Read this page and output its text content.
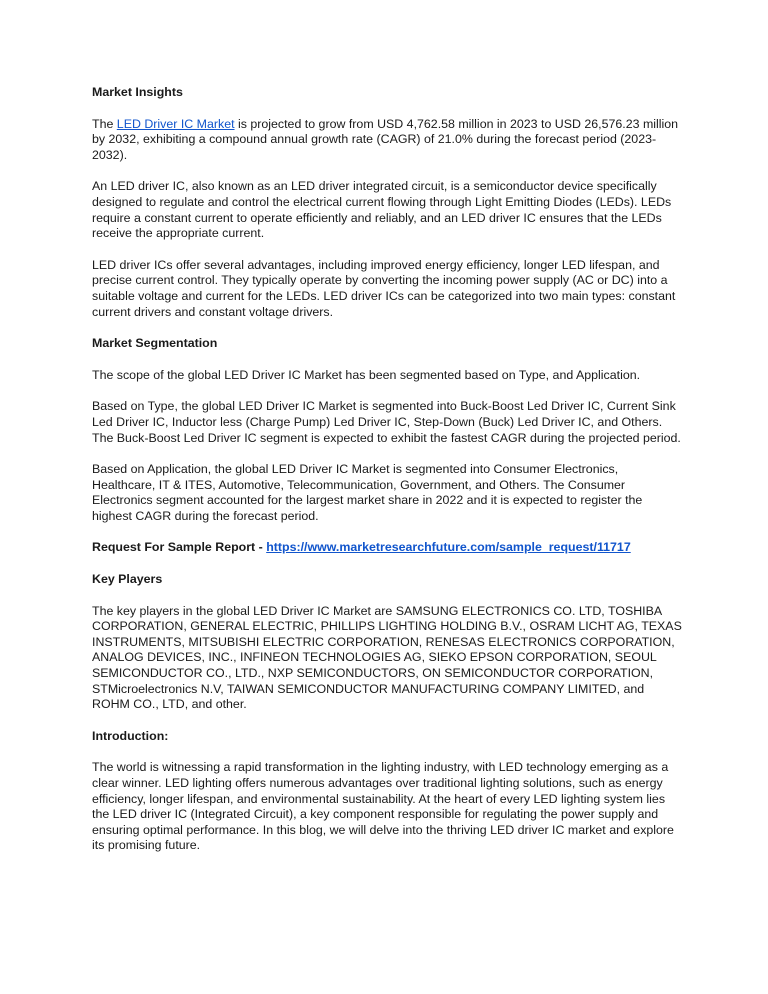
Market Insights
The LED Driver IC Market is projected to grow from USD 4,762.58 million in 2023 to USD 26,576.23 million by 2032, exhibiting a compound annual growth rate (CAGR) of 21.0% during the forecast period (2023-2032).
An LED driver IC, also known as an LED driver integrated circuit, is a semiconductor device specifically designed to regulate and control the electrical current flowing through Light Emitting Diodes (LEDs). LEDs require a constant current to operate efficiently and reliably, and an LED driver IC ensures that the LEDs receive the appropriate current.
LED driver ICs offer several advantages, including improved energy efficiency, longer LED lifespan, and precise current control. They typically operate by converting the incoming power supply (AC or DC) into a suitable voltage and current for the LEDs. LED driver ICs can be categorized into two main types: constant current drivers and constant voltage drivers.
Market Segmentation
The scope of the global LED Driver IC Market has been segmented based on Type, and Application.
Based on Type, the global LED Driver IC Market is segmented into Buck-Boost Led Driver IC, Current Sink Led Driver IC, Inductor less (Charge Pump) Led Driver IC, Step-Down (Buck) Led Driver IC, and Others. The Buck-Boost Led Driver IC segment is expected to exhibit the fastest CAGR during the projected period.
Based on Application, the global LED Driver IC Market is segmented into Consumer Electronics, Healthcare, IT & ITES, Automotive, Telecommunication, Government, and Others. The Consumer Electronics segment accounted for the largest market share in 2022 and it is expected to register the highest CAGR during the forecast period.
Request For Sample Report - https://www.marketresearchfuture.com/sample_request/11717
Key Players
The key players in the global LED Driver IC Market are SAMSUNG ELECTRONICS CO. LTD, TOSHIBA CORPORATION, GENERAL ELECTRIC, PHILLIPS LIGHTING HOLDING B.V., OSRAM LICHT AG, TEXAS INSTRUMENTS, MITSUBISHI ELECTRIC CORPORATION, RENESAS ELECTRONICS CORPORATION, ANALOG DEVICES, INC., INFINEON TECHNOLOGIES AG, SIEKO EPSON CORPORATION, SEOUL SEMICONDUCTOR CO., LTD., NXP SEMICONDUCTORS, ON SEMICONDUCTOR CORPORATION, STMicroelectronics N.V, TAIWAN SEMICONDUCTOR MANUFACTURING COMPANY LIMITED, and ROHM CO., LTD, and other.
Introduction:
The world is witnessing a rapid transformation in the lighting industry, with LED technology emerging as a clear winner. LED lighting offers numerous advantages over traditional lighting solutions, such as energy efficiency, longer lifespan, and environmental sustainability. At the heart of every LED lighting system lies the LED driver IC (Integrated Circuit), a key component responsible for regulating the power supply and ensuring optimal performance. In this blog, we will delve into the thriving LED driver IC market and explore its promising future.
